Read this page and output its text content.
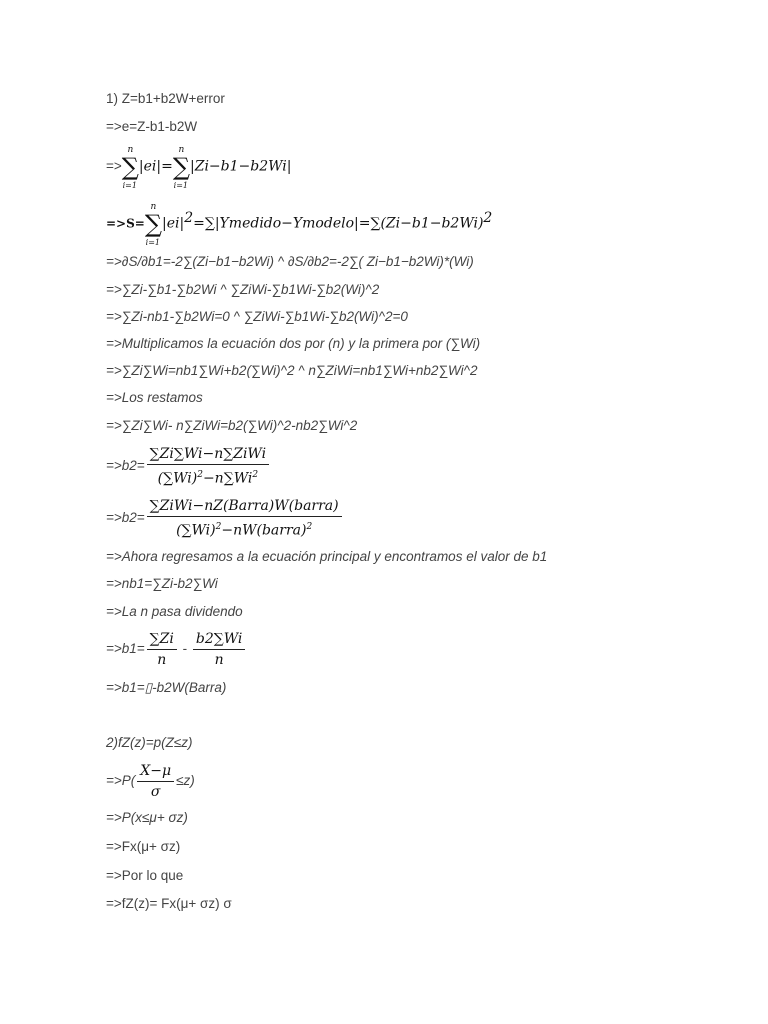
1) Z=b1+b2W+error
=>e=Z-b1-b2W
=>∑
n
i=1
|ei|=∑
n
i=1
|Zi−b1−b2Wi|
=>S=∑
n
i=1
$|ei|^2=\sum|Ymedido-Ymodelo|=\sum(Zi-b1-b2Wi)^2$
=>∂S/∂b1=-2∑(Zi−b1−b2Wi) ^ ∂S/∂b2=-2∑( Zi−b1−b2Wi)*(Wi)
=>∑Zi-∑b1-∑b2Wi ^ ∑ZiWi-∑b1Wi-∑b2(Wi)^2
=>∑Zi-nb1-∑b2Wi=0 ^ ∑ZiWi-∑b1Wi-∑b2(Wi)^2=0
=>Multiplicamos la ecuación dos por (n) y la primera por (∑Wi)
=>∑Zi∑Wi=nb1∑Wi+b2(∑Wi)^2 ^ n∑ZiWi=nb1∑Wi+nb2∑Wi^2
=>Los restamos
=>∑Zi∑Wi- n∑ZiWi=b2(∑Wi)^2-nb2∑Wi^2
$=>b2= \frac{\text{∑Zi∑Wi−n∑ZiWi}}{(\sum Wi)^2-n\sum Wi^2}$
$=>b2= \frac{\text{∑ZiWi−nZ(Barra)W(barra)}}{(\sum Wi)^2-nW(barra)^2}$
=>Ahora regresamos a la ecuación principal y encontramos el valor de b1
=>nb1=∑Zi-b2∑Wi
=>La n pasa dividendo
$=>b1= \frac{\sum Zi}{n} - \frac{b2\sum Wi}{n}$
=>b1=▯-b2W(Barra)
2)fZ(z)=p(Z≤z)
$=>P( \frac{X-\mu}{\sigma} \le z)$
=>P(x≤μ+ σz)
=>Fx(μ+ σz)
=>Por lo que
=>fZ(z)= Fx(μ+ σz) σ
